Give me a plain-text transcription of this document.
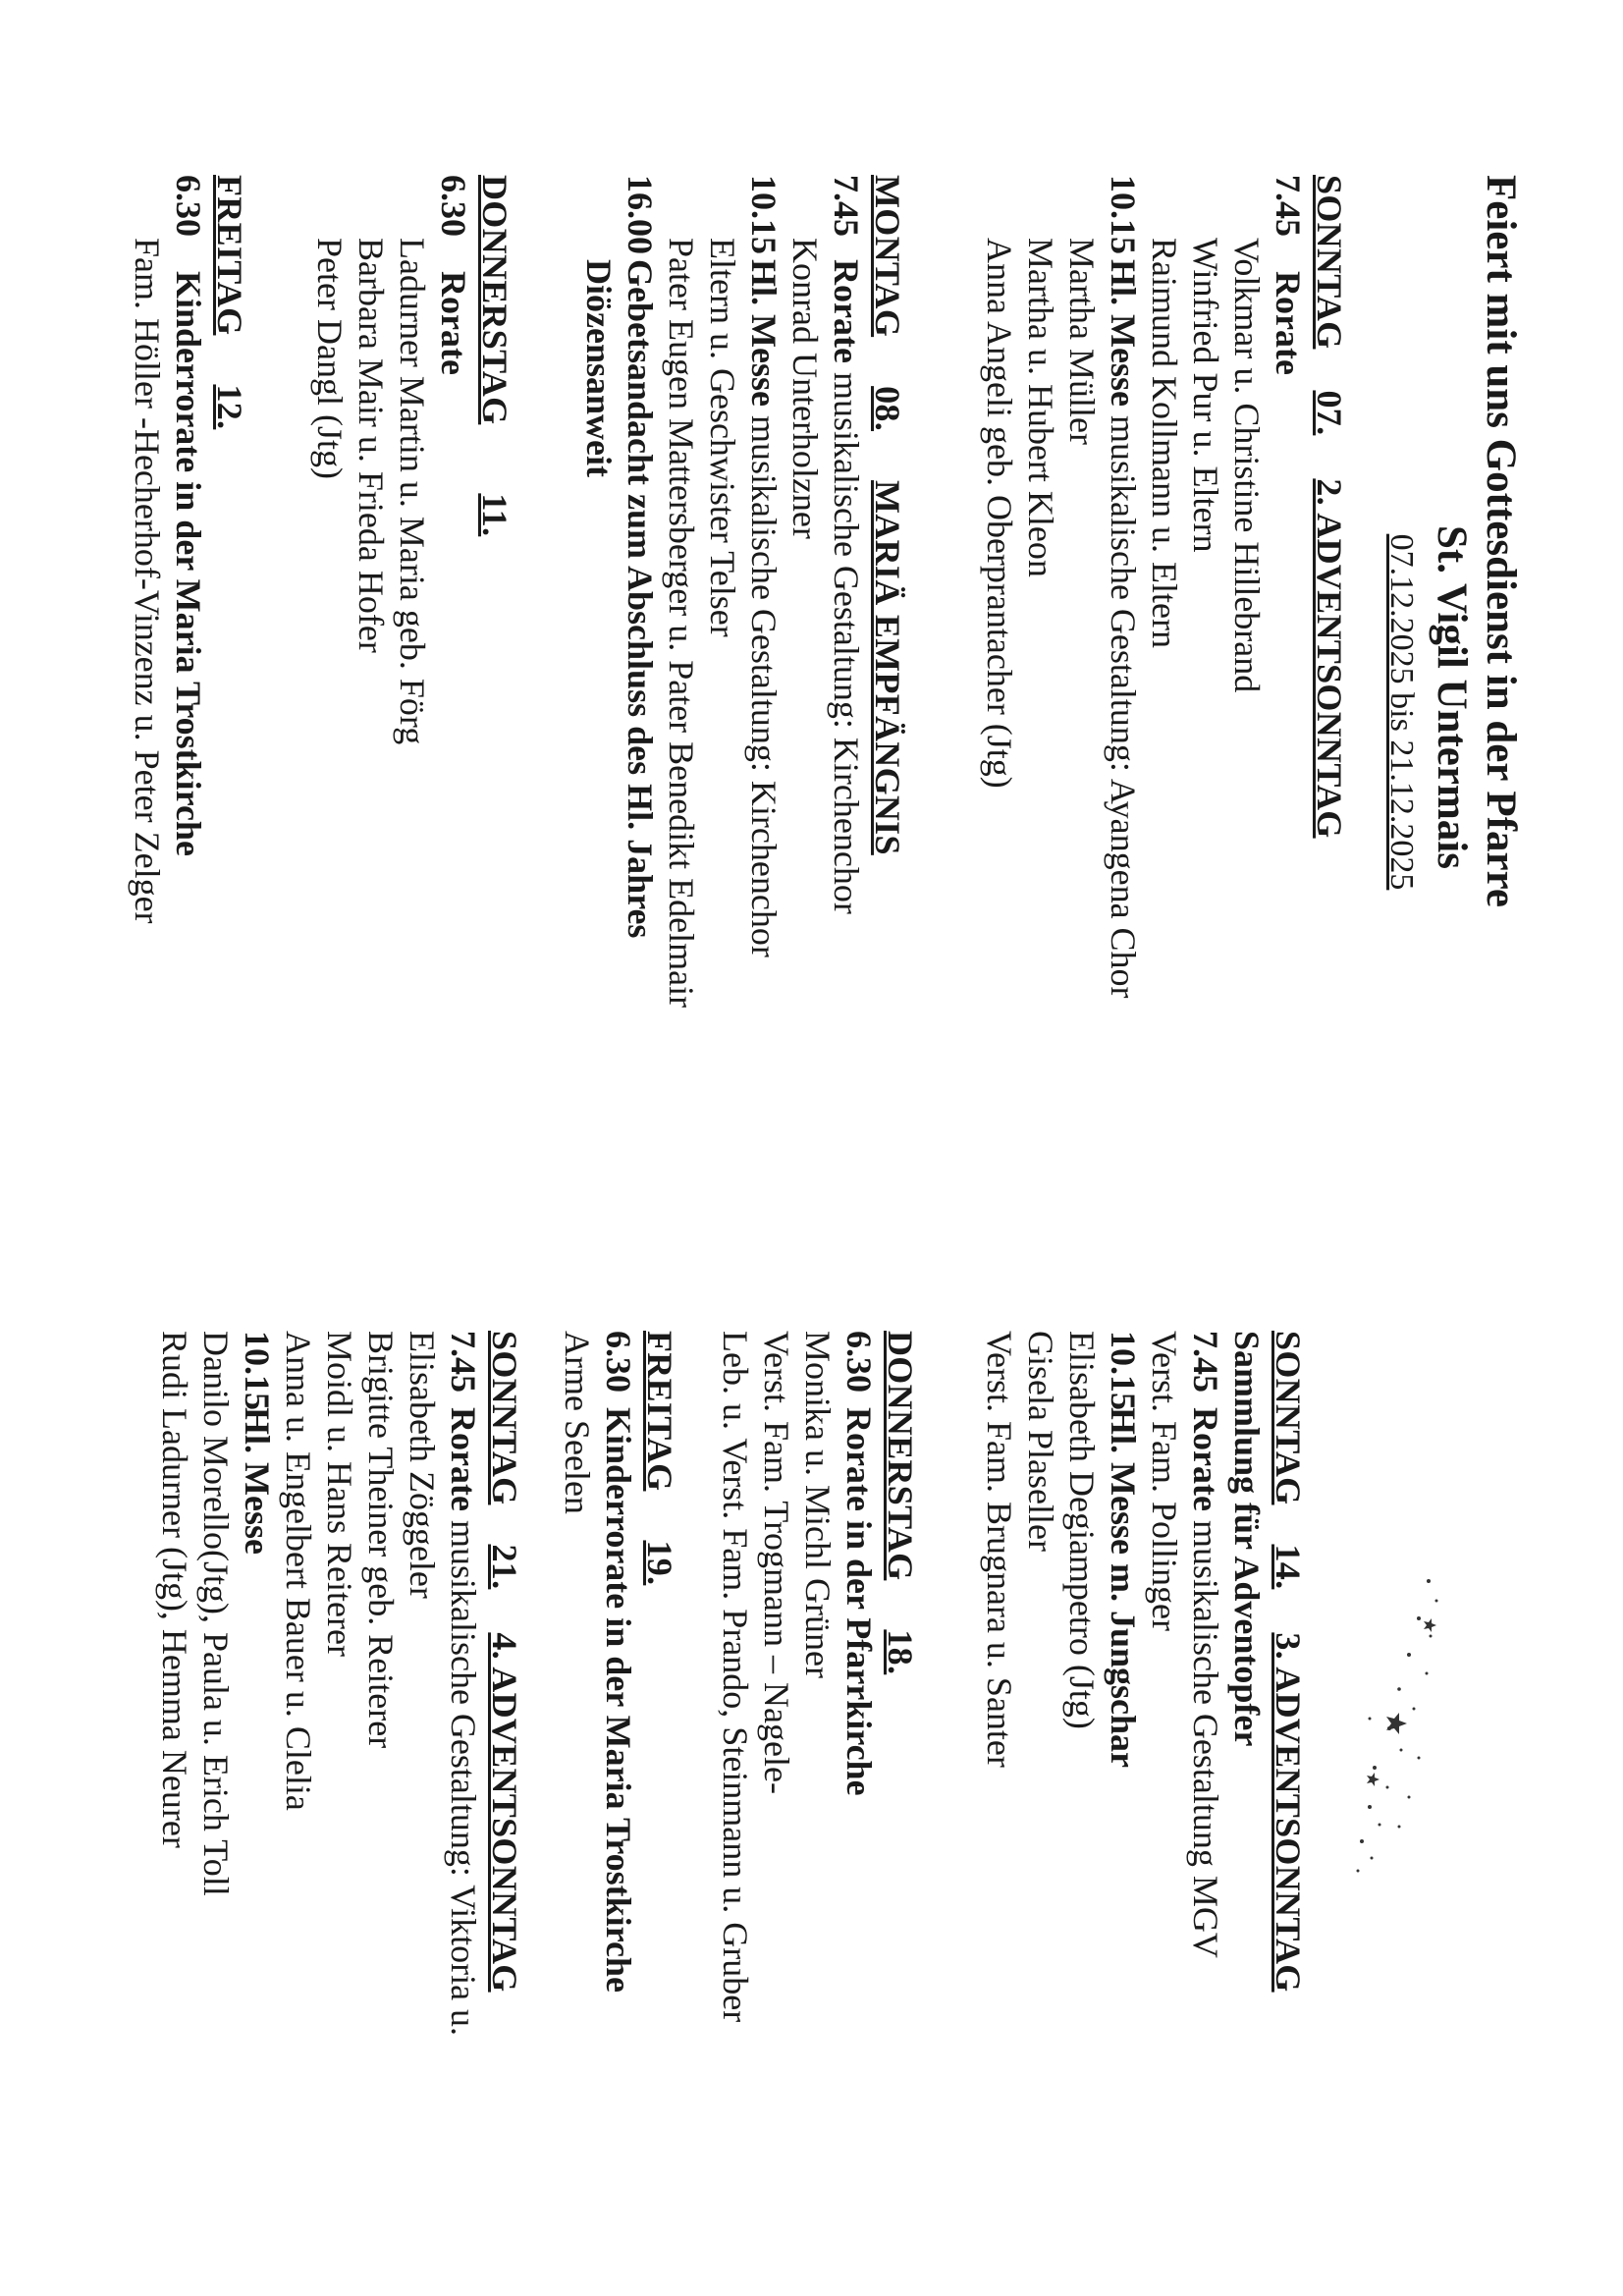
Feiert mit uns Gottesdienst in der Pfarre
St. Vigil Untermais
07.12.2025 bis 21.12.2025
SONNTAG07.2. ADVENTSONNTAG
7.45
Rorate
Volkmar u. Christine Hillebrand
Winfried Pur u. Eltern
Raimund Kollmann u. Eltern
10.15
Hl. Messe musikalische Gestaltung: Ayangena Chor
Martha Müller
Martha u. Hubert Kleon
Anna Angeli geb. Oberprantacher (Jtg)
MONTAG08.MARIÄ EMPFÄNGNIS
7.45
Rorate musikalische Gestaltung: Kirchenchor
Konrad Unterholzner
10.15
Hl. Messe musikalische Gestaltung: Kirchenchor
Eltern u. Geschwister Telser
Pater Eugen Mattersberger u. Pater Benedikt Edelmair
16.00
Gebetsandacht zum Abschluss des Hl. Jahres
Diözensanweit
DONNERSTAG11.
6.30
Rorate
Ladurner Martin u. Maria geb. Förg
Barbara Mair u. Frieda Hofer
Peter Dangl (Jtg)
FREITAG12.
6.30
Kinderrorate in der Maria Trostkirche
Fam. Höller -Hecherhof-Vinzenz u. Peter Zelger
SONNTAG14.3. ADVENTSONNTAG
Sammlung für Adventopfer
7.45
Rorate musikalische Gestaltung MGV
Verst. Fam. Pollinger
10.15
Hl. Messe m. Jungschar
Elisabeth Degiampetro (Jtg)
Gisela Plaseller
Verst. Fam. Brugnara u. Santer
DONNERSTAG18.
6.30
Rorate in der Pfarrkirche
Monika u. Michl Grüner
Verst. Fam. Trogmann – Nagele-
Leb. u. Verst. Fam. Prando, Steinmann u. Gruber
FREITAG19.
6.30
Kinderrorate in der Maria Trostkirche
Arme Seelen
SONNTAG21.4. ADVENTSONNTAG
7.45
Rorate musikalische Gestaltung: Viktoria u.
Elisabeth Zöggeler
Brigitte Theiner geb. Reiterer
Moidl u. Hans Reiterer
Anna u. Engelbert Bauer u. Clelia
10.15
Hl. Messe
Danilo Morello(Jtg), Paula u. Erich Toll
Rudi Ladurner (Jtg), Hemma Neurer
